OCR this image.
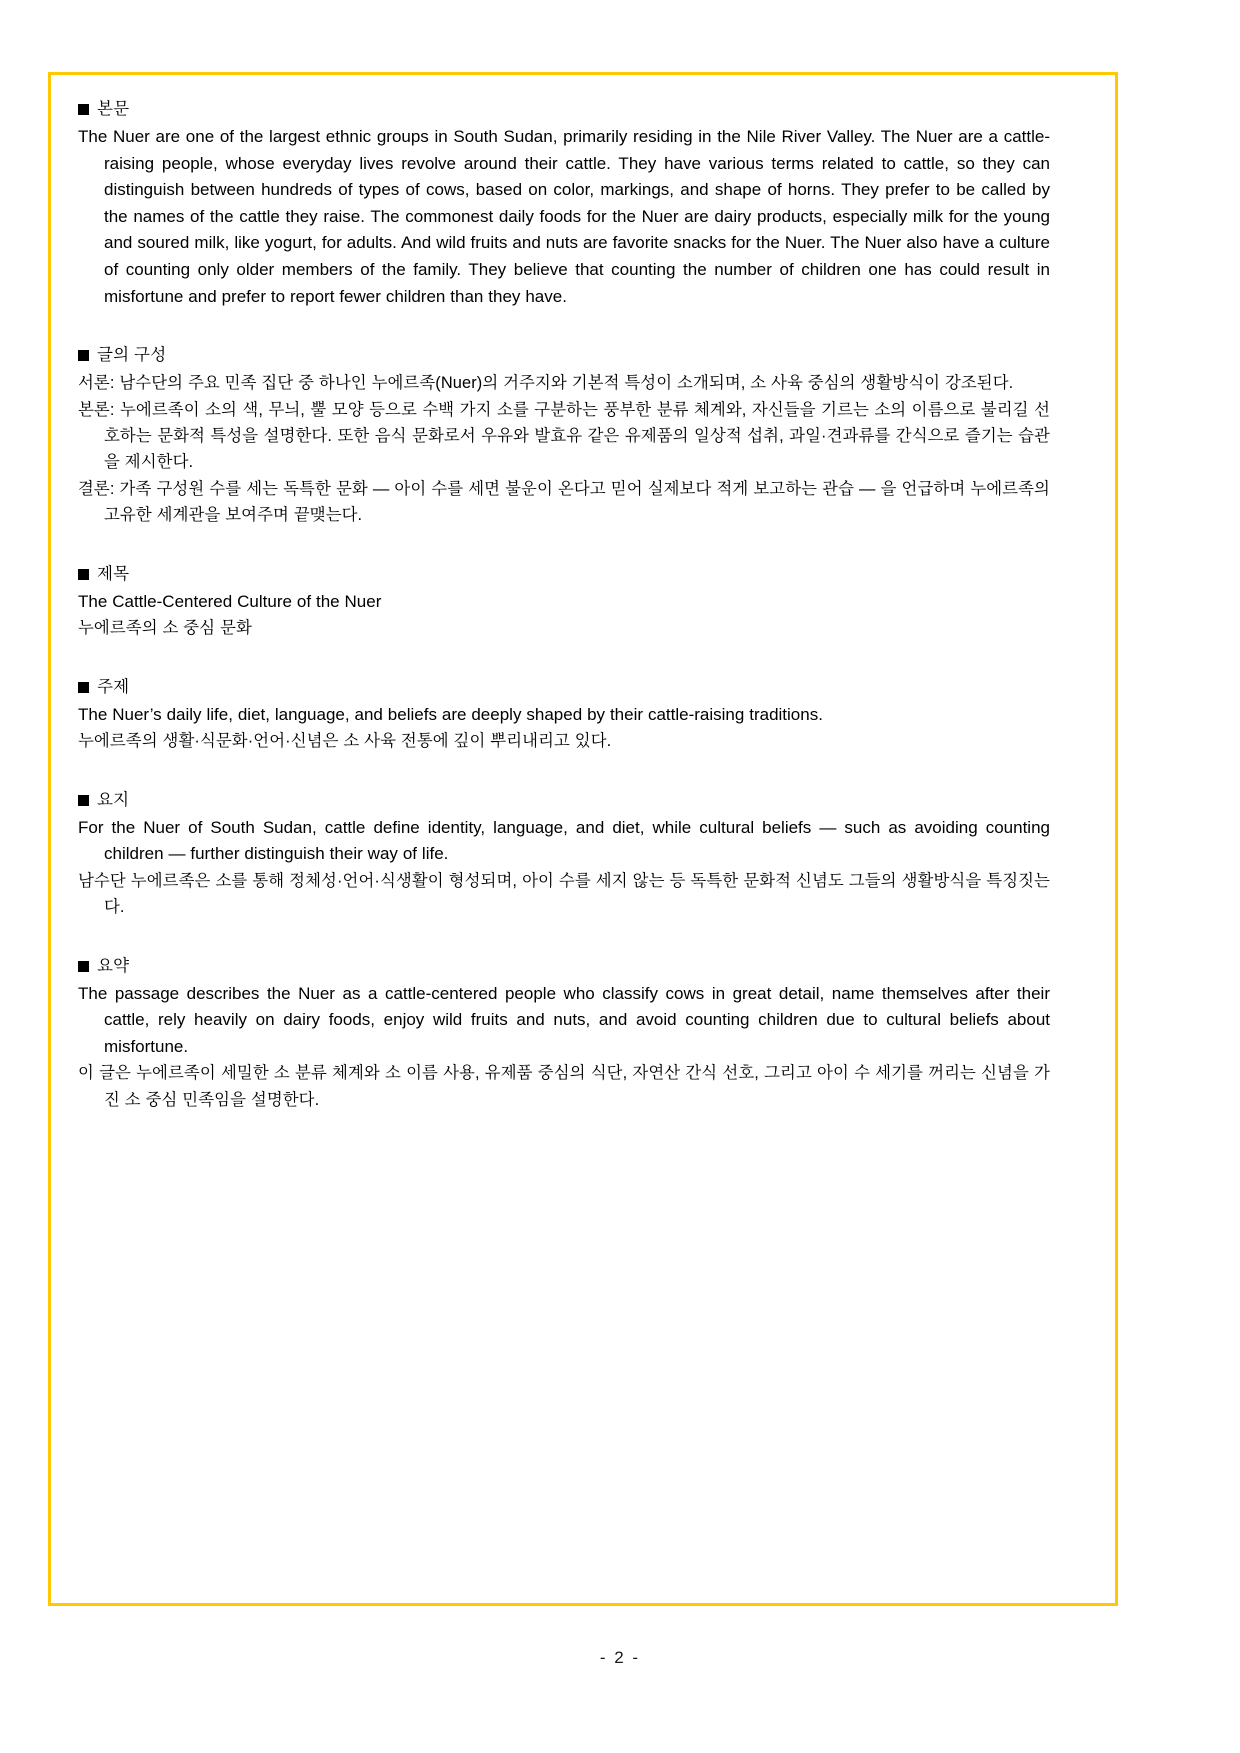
본문

The Nuer are one of the largest ethnic groups in South Sudan, primarily residing in the Nile River Valley. The Nuer are a cattle-raising people, whose everyday lives revolve around their cattle. They have various terms related to cattle, so they can distinguish between hundreds of types of cows, based on color, markings, and shape of horns. They prefer to be called by the names of the cattle they raise. The commonest daily foods for the Nuer are dairy products, especially milk for the young and soured milk, like yogurt, for adults. And wild fruits and nuts are favorite snacks for the Nuer. The Nuer also have a culture of counting only older members of the family. They believe that counting the number of children one has could result in misfortune and prefer to report fewer children than they have.

글의 구성

서론: 남수단의 주요 민족 집단 중 하나인 누에르족(Nuer)의 거주지와 기본적 특성이 소개되며, 소 사육 중심의 생활방식이 강조된다.

본론: 누에르족이 소의 색, 무늬, 뿔 모양 등으로 수백 가지 소를 구분하는 풍부한 분류 체계와, 자신들을 기르는 소의 이름으로 불리길 선호하는 문화적 특성을 설명한다. 또한 음식 문화로서 우유와 발효유 같은 유제품의 일상적 섭취, 과일·견과류를 간식으로 즐기는 습관을 제시한다.

결론: 가족 구성원 수를 세는 독특한 문화 — 아이 수를 세면 불운이 온다고 믿어 실제보다 적게 보고하는 관습 — 을 언급하며 누에르족의 고유한 세계관을 보여주며 끝맺는다.

제목

The Cattle-Centered Culture of the Nuer

누에르족의 소 중심 문화

주제

The Nuer’s daily life, diet, language, and beliefs are deeply shaped by their cattle-raising traditions.

누에르족의 생활·식문화·언어·신념은 소 사육 전통에 깊이 뿌리내리고 있다.

요지

For the Nuer of South Sudan, cattle define identity, language, and diet, while cultural beliefs — such as avoiding counting children — further distinguish their way of life.

남수단 누에르족은 소를 통해 정체성·언어·식생활이 형성되며, 아이 수를 세지 않는 등 독특한 문화적 신념도 그들의 생활방식을 특징짓는다.

요약

The passage describes the Nuer as a cattle-centered people who classify cows in great detail, name themselves after their cattle, rely heavily on dairy foods, enjoy wild fruits and nuts, and avoid counting children due to cultural beliefs about misfortune.

이 글은 누에르족이 세밀한 소 분류 체계와 소 이름 사용, 유제품 중심의 식단, 자연산 간식 선호, 그리고 아이 수 세기를 꺼리는 신념을 가진 소 중심 민족임을 설명한다.

- 2 -
